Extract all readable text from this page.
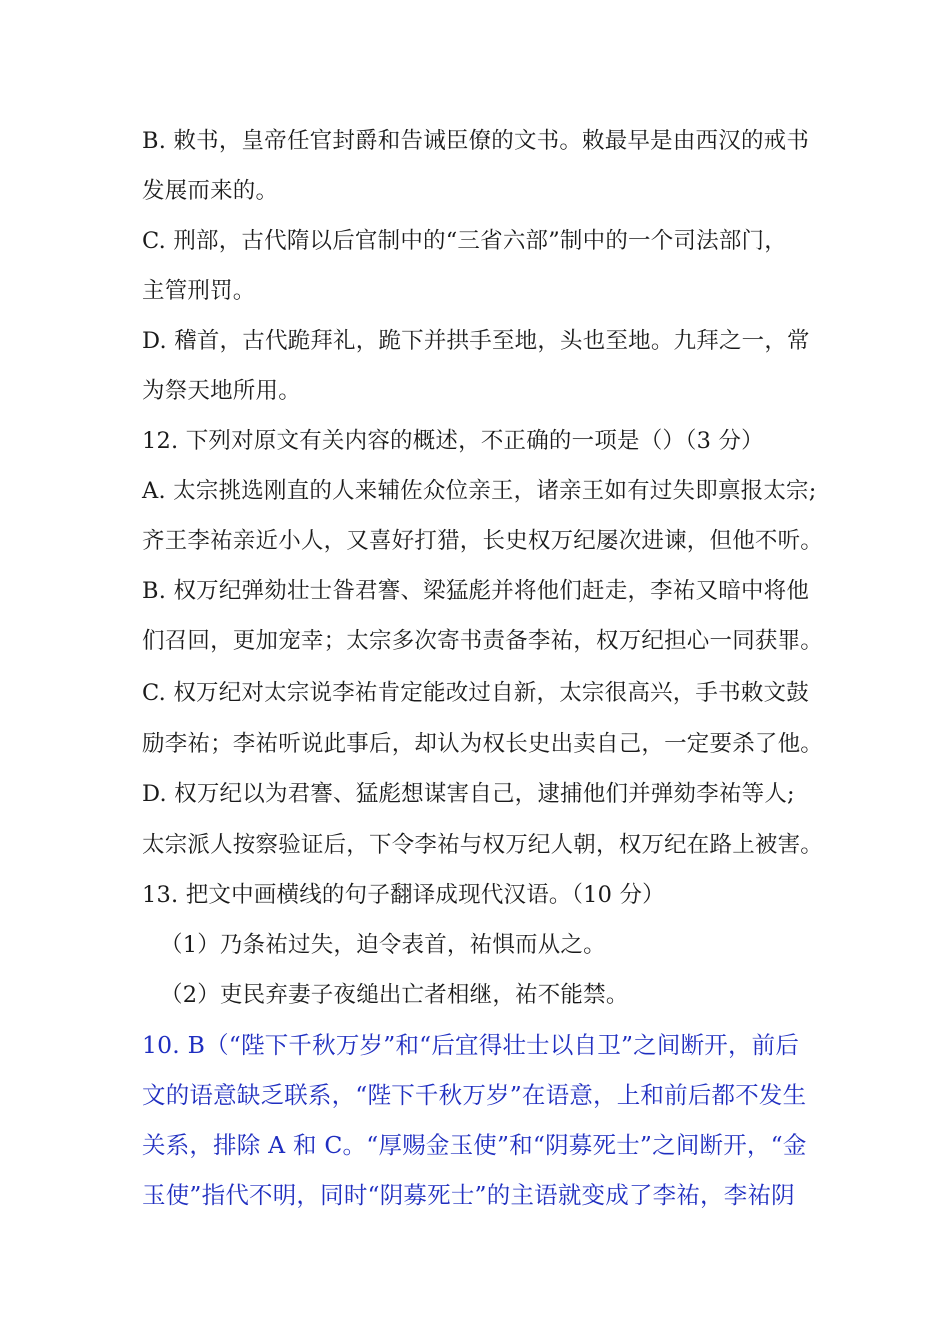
B. 敕书，皇帝任官封爵和告诫臣僚的文书。敕最早是由西汉的戒书
发展而来的。
C. 刑部，古代隋以后官制中的“三省六部”制中的一个司法部门，
主管刑罚。
D. 稽首，古代跪拜礼，跪下并拱手至地，头也至地。九拜之一，常
为祭天地所用。
12. 下列对原文有关内容的概述，不正确的一项是（）（3 分）
A. 太宗挑选刚直的人来辅佐众位亲王，诸亲王如有过失即禀报太宗;
齐王李祐亲近小人，又喜好打猎，长史权万纪屡次进谏，但他不听。
B. 权万纪弹劾壮士昝君謇、梁猛彪并将他们赶走，李祐又暗中将他
们召回，更加宠幸；太宗多次寄书责备李祐，权万纪担心一同获罪。
C. 权万纪对太宗说李祐肯定能改过自新，太宗很高兴，手书敕文鼓
励李祐；李祐听说此事后，却认为权长史出卖自己，一定要杀了他。
D. 权万纪以为君謇、猛彪想谋害自己，逮捕他们并弹劾李祐等人;
太宗派人按察验证后，下令李祐与权万纪人朝，权万纪在路上被害。
13. 把文中画横线的句子翻译成现代汉语。（10 分）
（1）乃条祐过失，迫令表首，祐惧而从之。
（2）吏民弃妻子夜缒出亡者相继，祐不能禁。
10. B（“陛下千秋万岁”和“后宜得壮士以自卫”之间断开，前后
文的语意缺乏联系，“陛下千秋万岁”在语意，上和前后都不发生
关系，排除 A 和 C。“厚赐金玉使”和“阴募死士”之间断开，“金
玉使”指代不明，同时“阴募死士”的主语就变成了李祐，李祐阴
